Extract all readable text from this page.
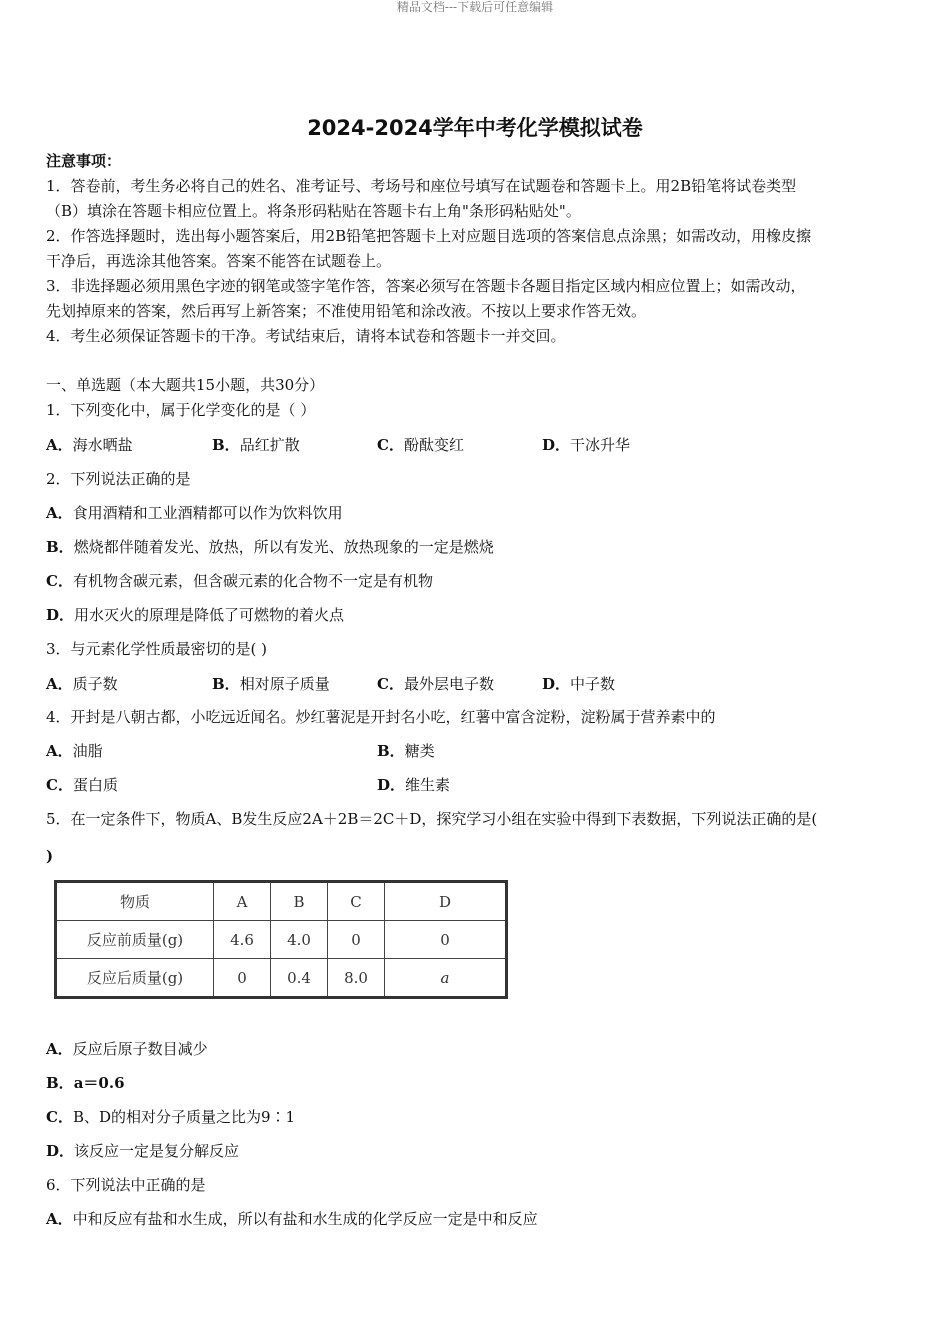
精品文档---下载后可任意编辑
2024-2024学年中考化学模拟试卷
注意事项：
1．答卷前，考生务必将自己的姓名、准考证号、考场号和座位号填写在试题卷和答题卡上。用2B铅笔将试卷类型
（B）填涂在答题卡相应位置上。将条形码粘贴在答题卡右上角"条形码粘贴处"。
2．作答选择题时，选出每小题答案后，用2B铅笔把答题卡上对应题目选项的答案信息点涂黑；如需改动，用橡皮擦
干净后，再选涂其他答案。答案不能答在试题卷上。
3．非选择题必须用黑色字迹的钢笔或签字笔作答，答案必须写在答题卡各题目指定区域内相应位置上；如需改动，
先划掉原来的答案，然后再写上新答案；不准使用铅笔和涂改液。不按以上要求作答无效。
4．考生必须保证答题卡的干净。考试结束后，请将本试卷和答题卡一并交回。
一、单选题（本大题共15小题，共30分）
1．下列变化中，属于化学变化的是（ ）
A．海水晒盐	B．品红扩散	C．酚酞变红	D．干冰升华
2．下列说法正确的是
A．食用酒精和工业酒精都可以作为饮料饮用
B．燃烧都伴随着发光、放热，所以有发光、放热现象的一定是燃烧
C．有机物含碳元素，但含碳元素的化合物不一定是有机物
D．用水灭火的原理是降低了可燃物的着火点
3．与元素化学性质最密切的是( )
A．质子数	B．相对原子质量	C．最外层电子数	D．中子数
4．开封是八朝古都，小吃远近闻名。炒红薯泥是开封名小吃，红薯中富含淀粉，淀粉属于营养素中的
A．油脂	B．糖类
C．蛋白质	D．维生素
5．在一定条件下，物质A、B发生反应2A＋2B＝2C＋D，探究学习小组在实验中得到下表数据，下列说法正确的是(
)
物质	A	B	C	D
反应前质量(g)	4.6	4.0	0	0
反应后质量(g)	0	0.4	8.0	a
A．反应后原子数目减少
B．a＝0.6
C．B、D的相对分子质量之比为9∶1
D．该反应一定是复分解反应
6．下列说法中正确的是
A．中和反应有盐和水生成，所以有盐和水生成的化学反应一定是中和反应
